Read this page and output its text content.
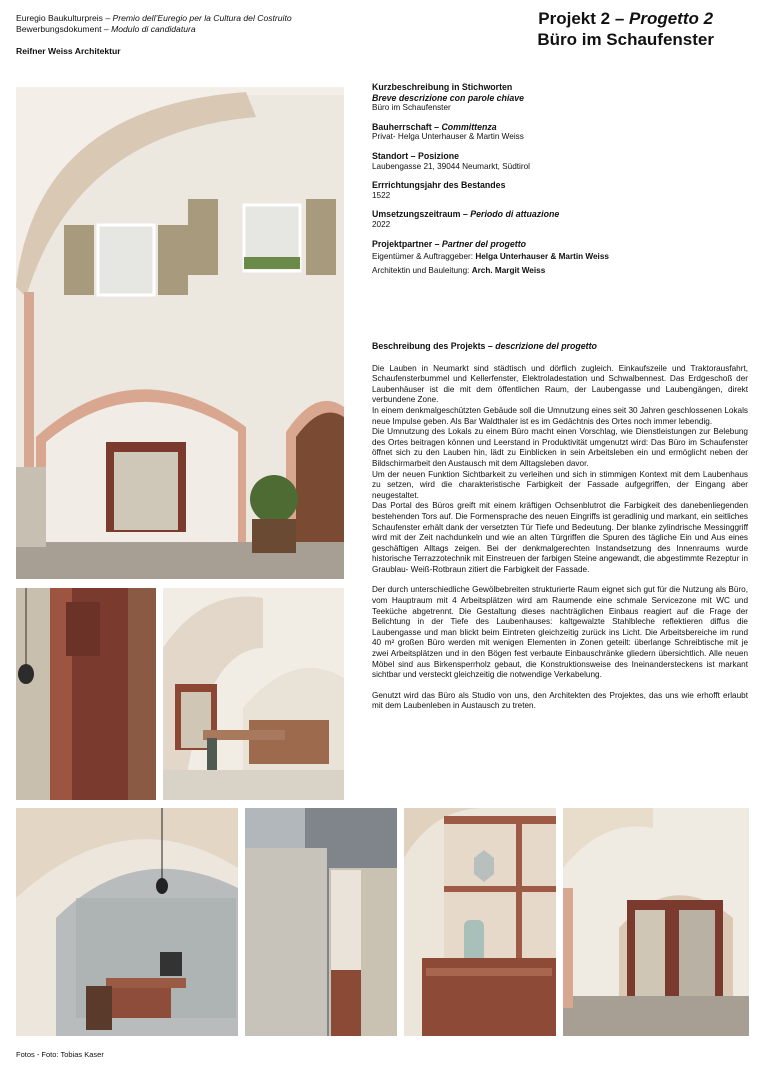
Euregio Baukulturpreis – Premio dell’Euregio per la Cultura del Costruito
Bewerbungsdokument – Modulo di candidatura
Reifner Weiss Architektur
Projekt 2 – Progetto 2
Büro im Schaufenster
Kurzbeschreibung in Stichworten
Breve descrizione con parole chiave
Büro im Schaufenster
Bauherrschaft – Committenza
Privat- Helga Unterhauser & Martin Weiss
Standort – Posizione
Laubengasse 21, 39044 Neumarkt, Südtirol
Errrichtungsjahr des Bestandes
1522
Umsetzungszeitraum – Periodo di attuazione
2022
Projektpartner – Partner del progetto
Eigentümer & Auftraggeber: Helga Unterhauser & Martin Weiss
Architektin und Bauleitung: Arch. Margit Weiss
Beschreibung des Projekts – descrizione del progetto

Die Lauben in Neumarkt sind städtisch und dörflich zugleich. Einkaufszeile und Traktorausfahrt, Schaufensterbummel und Kellerfenster, Elektroladestation und Schwalbennest. Das Erdgeschoß der Laubenhäuser ist die mit dem öffentlichen Raum, der Laubengasse und Laubengängen, direkt verbundene Zone.

In einem denkmalgeschützten Gebäude soll die Umnutzung eines seit 30 Jahren geschlossenen Lokals neue Impulse geben. Als Bar Waldthaler ist es im Gedächtnis des Ortes noch immer lebendig.

Die Umnutzung des Lokals zu einem Büro macht einen Vorschlag, wie Dienstleistungen zur Belebung des Ortes beitragen können und Leerstand in Produktivität umgenutzt wird: Das Büro im Schaufenster öffnet sich zu den Lauben hin, lädt zu Einblicken in sein Arbeitsleben ein und ermöglicht neben der Bildschirmarbeit den Austausch mit dem Alltagsleben davor.

Um der neuen Funktion Sichtbarkeit zu verleihen und sich in stimmigen Kontext mit dem Laubenhaus zu setzen, wird die charakteristische Farbigkeit der Fassade aufgegriffen, der Eingang aber neugestaltet.

Das Portal des Büros greift mit einem kräftigen Ochsenblutrot die Farbigkeit des danebenliegenden bestehenden Tors auf. Die Formensprache des neuen Eingriffs ist geradlinig und markant, ein seitliches Schaufenster erhält dank der versetzten Tür Tiefe und Bedeutung. Der blanke zylindrische Messinggriff wird mit der Zeit nachdunkeln und wie an alten Türgriffen die Spuren des tägliche Ein und Aus eines geschäftigen Alltags zeigen. Bei der denkmalgerechten Instandsetzung des Innenraums wurde historische Terrazzotechnik mit Einstreuen der farbigen Steine angewandt, die abgestimmte Rezeptur in Graublau- Weiß-Rotbraun zitiert die Farbigkeit der Fassade.

Der durch unterschiedliche Gewölbebreiten strukturierte Raum eignet sich gut für die Nutzung als Büro, vom Hauptraum mit 4 Arbeitsplätzen wird am Raumende eine schmale Servicezone mit WC und Teeküche abgetrennt. Die Gestaltung dieses nachträglichen Einbaus reagiert auf die Frage der Belichtung in der Tiefe des Laubenhauses: kaltgewalzte Stahlbleche reflektieren diffus die Laubengasse und man blickt beim Eintreten gleichzeitig zurück ins Licht. Die Arbeitsbereiche im rund 40 m² großen Büro werden mit wenigen Elementen in Zonen geteilt: überlange Schreibtische mit je zwei Arbeitsplätzen und in den Bögen fest verbaute Einbauschränke gliedern übersichtlich. Alle neuen Möbel sind aus Birkensperrholz gebaut, die Konstruktionsweise des Ineinandersteckens ist markant sichtbar und versteckt gleichzeitig die notwendige Verkabelung.

Genutzt wird das Büro als Studio von uns, den Architekten des Projektes, das uns wie erhofft erlaubt mit dem Laubenleben in Austausch zu treten.

Fotos - Foto: Tobias Kaser
